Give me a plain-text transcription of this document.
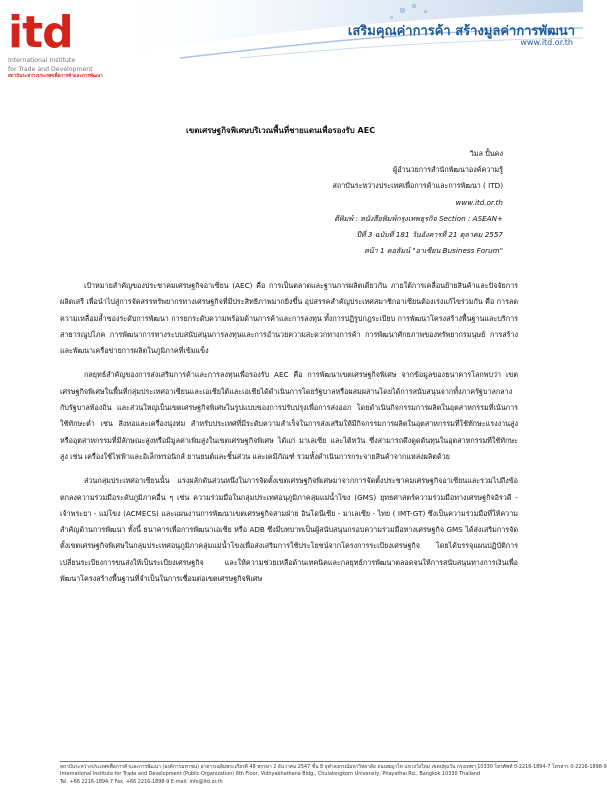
itd
International Institute
for Trade and Development
สถาบันระหว่างประเทศเพื่อการค้าและการพัฒนา
เสริมคุณค่าการค้า สร้างมูลค่าการพัฒนา
www.itd.or.th
เขตเศรษฐกิจพิเศษบริเวณพื้นที่ชายแดนเพื่อรองรับ AEC
วิมล ปั้นคง
ผู้อำนวยการสำนักพัฒนาองค์ความรู้
สถาบันระหว่างประเทศเพื่อการค้าและการพัฒนา ( ITD)
www.itd.or.th
ตีพิมพ์ : หนังสือพิมพ์กรุงเทพธุรกิจ Section : ASEAN+
ปีที่ 3 ฉบับที่ 181 วันอังคารที่ 21 ตุลาคม 2557
หน้า 1 คอลัมน์ "อาเซียน Business Forum"

เป้าหมายสำคัญของประชาคมเศรษฐกิจอาเซียน (AEC) คือ การเป็นตลาดและฐานการผลิตเดียวกัน ภายใต้การเคลื่อนย้ายสินค้าและปัจจัยการผลิตเสรี เพื่อนำไปสู่การจัดสรรทรัพยากรทางเศรษฐกิจที่มีประสิทธิภาพมากยิ่งขึ้น อุปสรรคสำคัญประเทศสมาชิกอาเซียนต้องเร่งแก้ไขร่วมกัน คือ การลดความเหลื่อมล้ำของระดับการพัฒนา การยกระดับความพร้อมด้านการค้าและการลงทุน ทั้งการปฏิรูปกฎระเบียบ การพัฒนาโครงสร้างพื้นฐานและบริการสาธารณูปโภค การพัฒนาการทางระบบสนับสนุนการลงทุนและการอำนวยความสะดวกทางการค้า การพัฒนาศักยภาพของทรัพยากรมนุษย์ การสร้างและพัฒนาเครือข่ายการผลิตในภูมิภาคที่เข้มแข็ง

กลยุทธ์สำคัญของการส่งเสริมการค้าและการลงทุนเพื่อรองรับ AEC คือ การพัฒนาเขตเศรษฐกิจพิเศษ จากข้อมูลของธนาคารโลกพบว่า เขตเศรษฐกิจพิเศษในพื้นที่กลุ่มประเทศอาเซียนและเอเชียใต้และเอเชียได้ดำเนินการโดยรัฐบาลหรือผสมผสานโดยได้การสนับสนุนจากทั้งภาครัฐบาลกลางกับรัฐบาลท้องถิ่น และส่วนใหญ่เป็นเขตเศรษฐกิจพิเศษในรูปแบบของการปรับปรุงเพื่อการส่งออก โดยดำเนินกิจกรรมการผลิตในอุตสาหกรรมที่เน้นการใช้ทักษะต่ำ เช่น สิ่งทอและเครื่องนุ่งห่ม สำหรับประเทศที่มีระดับความสำเร็จในการส่งเสริมให้มีกิจกรรมการผลิตในอุตสาหกรรมที่ใช้ทักษะแรงงานสูงหรืออุตสาหกรรมที่มีลักษณะสูงหรือมีมูลค่าเพิ่มสูงในเขตเศรษฐกิจพิเศษ ได้แก่ มาเลเซีย และไต้หวัน ซึ่งสามารถดึงดูดต้นทุนในอุตสาหกรรมที่ใช้ทักษะสูง เช่น เครื่องใช้ไฟฟ้าและอิเล็กทรอนิกส์ ยานยนต์และชิ้นส่วน และเคมีภัณฑ์ รวมทั้งดำเนินการกระจายสินค้าจากแหล่งผลิตด้วย

ส่วนกลุ่มประเทศอาเซียนนั้น แรงผลักดันส่วนหนึ่งในการจัดตั้งเขตเศรษฐกิจพิเศษมาจากการจัดตั้งประชาคมเศรษฐกิจอาเซียนและรวมไปถึงข้อตกลงความร่วมมือระดับภูมิภาคอื่น ๆ เช่น ความร่วมมือในกลุ่มประเทศอนุภูมิภาคลุ่มแม่น้ำโขง (GMS) ยุทธศาสตร์ความร่วมมือทางเศรษฐกิจอิรวดี - เจ้าพระยา - แม่โขง (ACMECS) และแผนงานการพัฒนาเขตเศรษฐกิจสามฝ่าย อินโดนีเซีย - มาเลเซีย - ไทย ( IMT-GT) ซึ่งเป็นความร่วมมือที่ให้ความสำคัญด้านการพัฒนา ทั้งนี้ ธนาคารเพื่อการพัฒนาเอเชีย หรือ ADB ซึ่งมีบทบาทเป็นผู้สนับสนุนกรอบความร่วมมือทางเศรษฐกิจ GMS ได้ส่งเสริมการจัดตั้งเขตเศรษฐกิจพิเศษในกลุ่มประเทศอนุภูมิภาคลุ่มแม่น้ำโขงเพื่อส่งเสริมการใช้ประโยชน์จากโครงการระเบียงเศรษฐกิจ โดยได้บรรจุแผนปฏิบัติการเปลี่ยนระเบียงการขนส่งให้เป็นระเบียงเศรษฐกิจ และให้ความช่วยเหลือด้านเทคนิคและกลยุทธ์การพัฒนาตลอดจนให้การสนับสนุนทางการเงินเพื่อพัฒนาโครงสร้างพื้นฐานที่จำเป็นในการเชื่อมต่อเขตเศรษฐกิจพิเศษ

สถาบันระหว่างประเทศเพื่อการค้าและการพัฒนา (องค์การมหาชน) อาคารเฉลิมพระเกียรติ 48 พรรษา 2 ธันวาคม 2547 ชั้น 8 จุฬาลงกรณ์มหาวิทยาลัย ถนนพญาไท แขวงวังใหม่ เขตปทุมวัน กรุงเทพฯ 10330 โทรศัพท์ 0-2216-1894-7 โทรสาร 0-2216-1898-9
International Institute for Trade and Development (Public Organization) 8th Floor, Vidhyabhathana Bldg., Chulalongkorn University, Phayathai Rd., Bangkok 10330 Thailand
Tel. +66 2216-1894-7 Fax. +66 2216-1898-9 E-mail: info@itd.or.th
